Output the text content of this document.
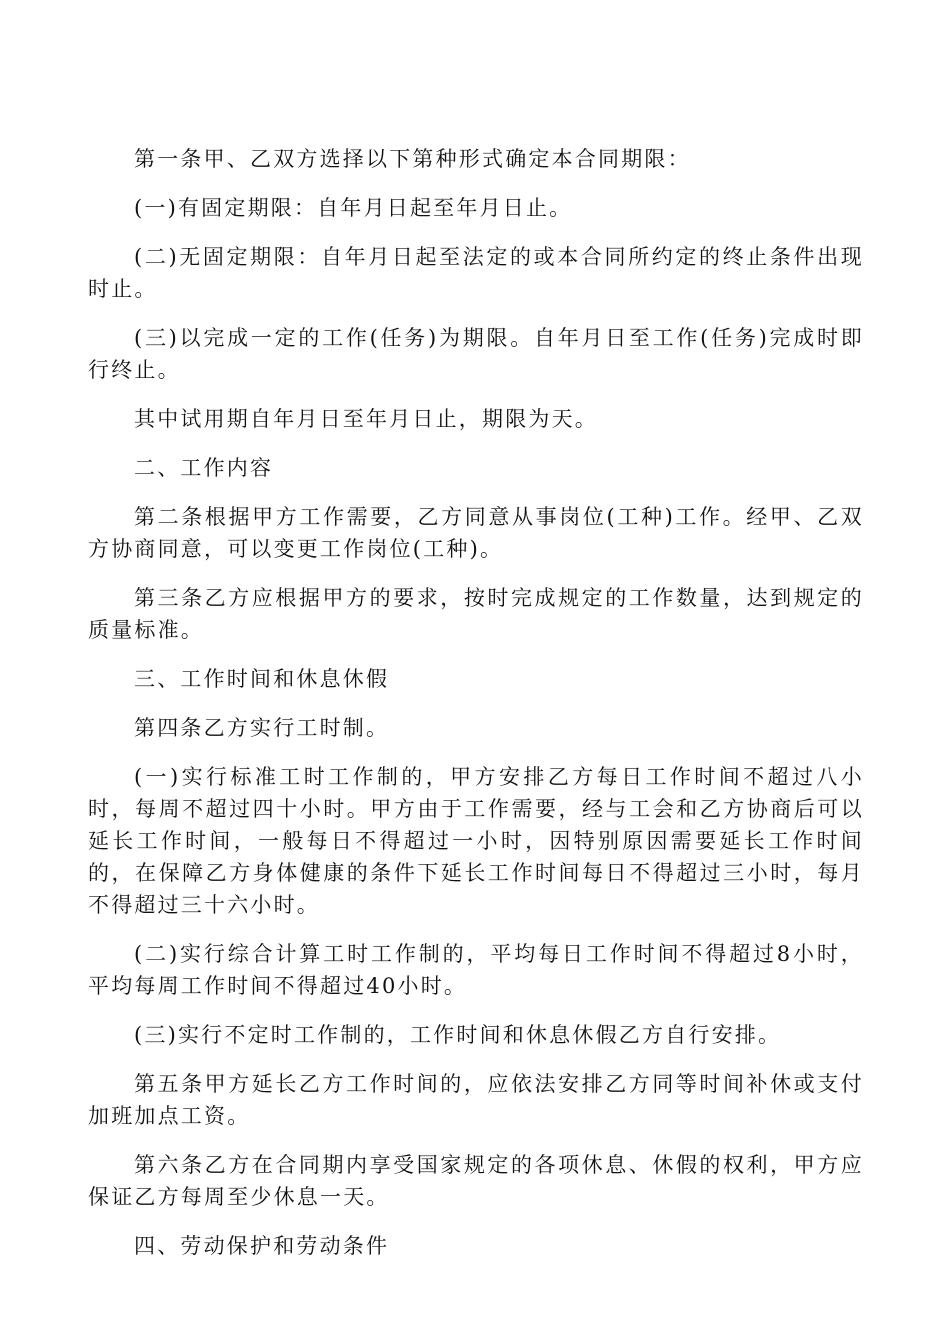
第一条甲、乙双方选择以下第种形式确定本合同期限：

(一)有固定期限：自年月日起至年月日止。

(二)无固定期限：自年月日起至法定的或本合同所约定的终止条件出现时止。

(三)以完成一定的工作(任务)为期限。自年月日至工作(任务)完成时即行终止。

其中试用期自年月日至年月日止，期限为天。

二、工作内容

第二条根据甲方工作需要，乙方同意从事岗位(工种)工作。经甲、乙双方协商同意，可以变更工作岗位(工种)。

第三条乙方应根据甲方的要求，按时完成规定的工作数量，达到规定的质量标准。

三、工作时间和休息休假

第四条乙方实行工时制。

(一)实行标准工时工作制的，甲方安排乙方每日工作时间不超过八小时，每周不超过四十小时。甲方由于工作需要，经与工会和乙方协商后可以延长工作时间，一般每日不得超过一小时，因特别原因需要延长工作时间的，在保障乙方身体健康的条件下延长工作时间每日不得超过三小时，每月不得超过三十六小时。

(二)实行综合计算工时工作制的，平均每日工作时间不得超过8小时，平均每周工作时间不得超过40小时。

(三)实行不定时工作制的，工作时间和休息休假乙方自行安排。

第五条甲方延长乙方工作时间的，应依法安排乙方同等时间补休或支付加班加点工资。

第六条乙方在合同期内享受国家规定的各项休息、休假的权利，甲方应保证乙方每周至少休息一天。

四、劳动保护和劳动条件
